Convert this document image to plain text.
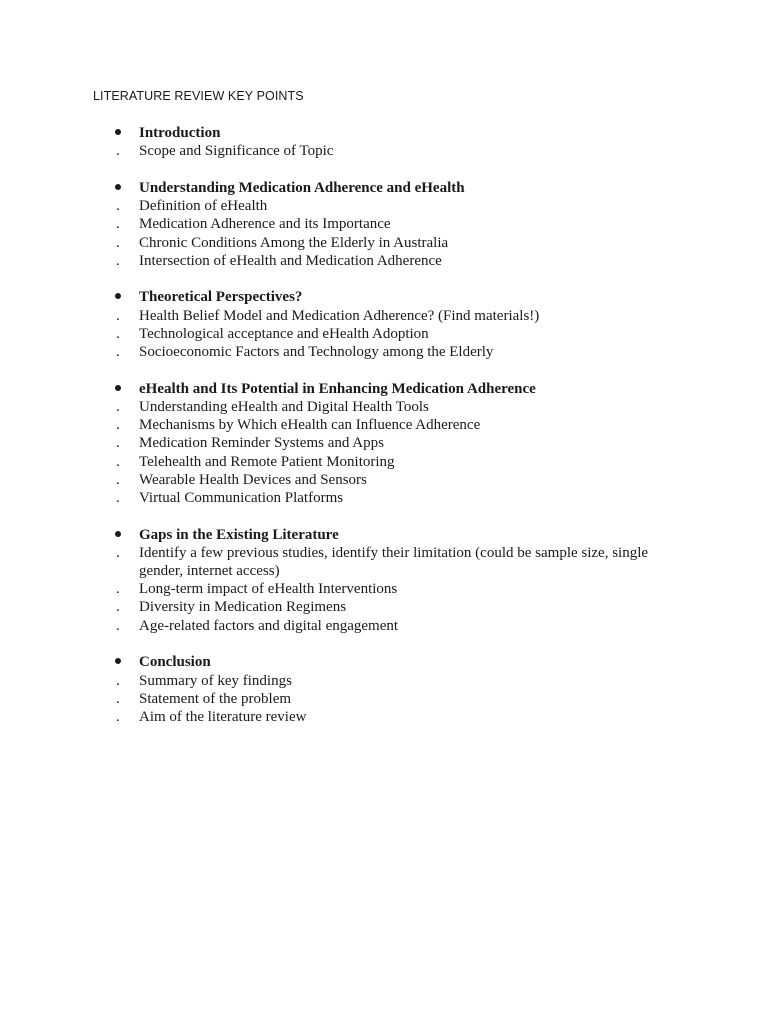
LITERATURE REVIEW KEY POINTS
Introduction
. Scope and Significance of Topic
Understanding Medication Adherence and eHealth
. Definition of eHealth
. Medication Adherence and its Importance
. Chronic Conditions Among the Elderly in Australia
. Intersection of eHealth and Medication Adherence
Theoretical Perspectives?
. Health Belief Model and Medication Adherence? (Find materials!)
. Technological acceptance and eHealth Adoption
. Socioeconomic Factors and Technology among the Elderly
eHealth and Its Potential in Enhancing Medication Adherence
. Understanding eHealth and Digital Health Tools
. Mechanisms by Which eHealth can Influence Adherence
. Medication Reminder Systems and Apps
. Telehealth and Remote Patient Monitoring
. Wearable Health Devices and Sensors
. Virtual Communication Platforms
Gaps in the Existing Literature
. Identify a few previous studies, identify their limitation (could be sample size, single gender, internet access)
. Long-term impact of eHealth Interventions
. Diversity in Medication Regimens
. Age-related factors and digital engagement
Conclusion
. Summary of key findings
. Statement of the problem
. Aim of the literature review
